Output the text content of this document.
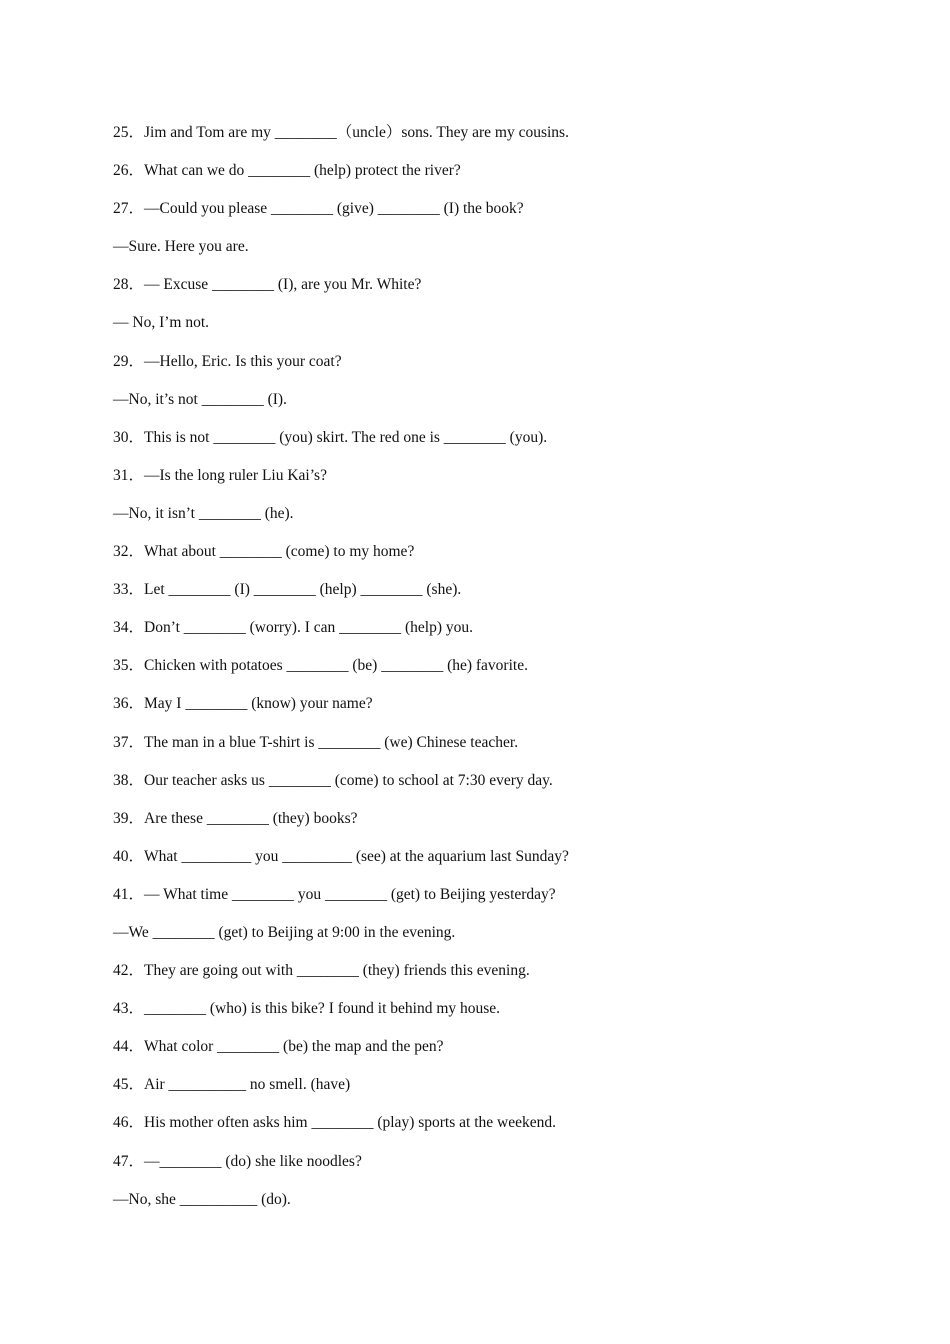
25．Jim and Tom are my ________（uncle）sons. They are my cousins.
26．What can we do ________ (help) protect the river?
27．—Could you please ________ (give) ________ (I) the book?
—Sure. Here you are.
28．— Excuse ________ (I), are you Mr. White?
— No, I’m not.
29．—Hello, Eric. Is this your coat?
—No, it’s not ________ (I).
30．This is not ________ (you) skirt. The red one is ________ (you).
31．—Is the long ruler Liu Kai’s?
—No, it isn’t ________ (he).
32．What about ________ (come) to my home?
33．Let ________ (I) ________ (help) ________ (she).
34．Don’t ________ (worry). I can ________ (help) you.
35．Chicken with potatoes ________ (be) ________ (he) favorite.
36．May I ________ (know) your name?
37．The man in a blue T-shirt is ________ (we) Chinese teacher.
38．Our teacher asks us ________ (come) to school at 7:30 every day.
39．Are these ________ (they) books?
40．What _________ you _________ (see) at the aquarium last Sunday?
41．— What time ________ you ________ (get) to Beijing yesterday?
—We ________ (get) to Beijing at 9:00 in the evening.
42．They are going out with ________ (they) friends this evening.
43．________ (who) is this bike? I found it behind my house.
44．What color ________ (be) the map and the pen?
45．Air __________ no smell. (have)
46．His mother often asks him ________ (play) sports at the weekend.
47．—________ (do) she like noodles?
—No, she __________ (do).
